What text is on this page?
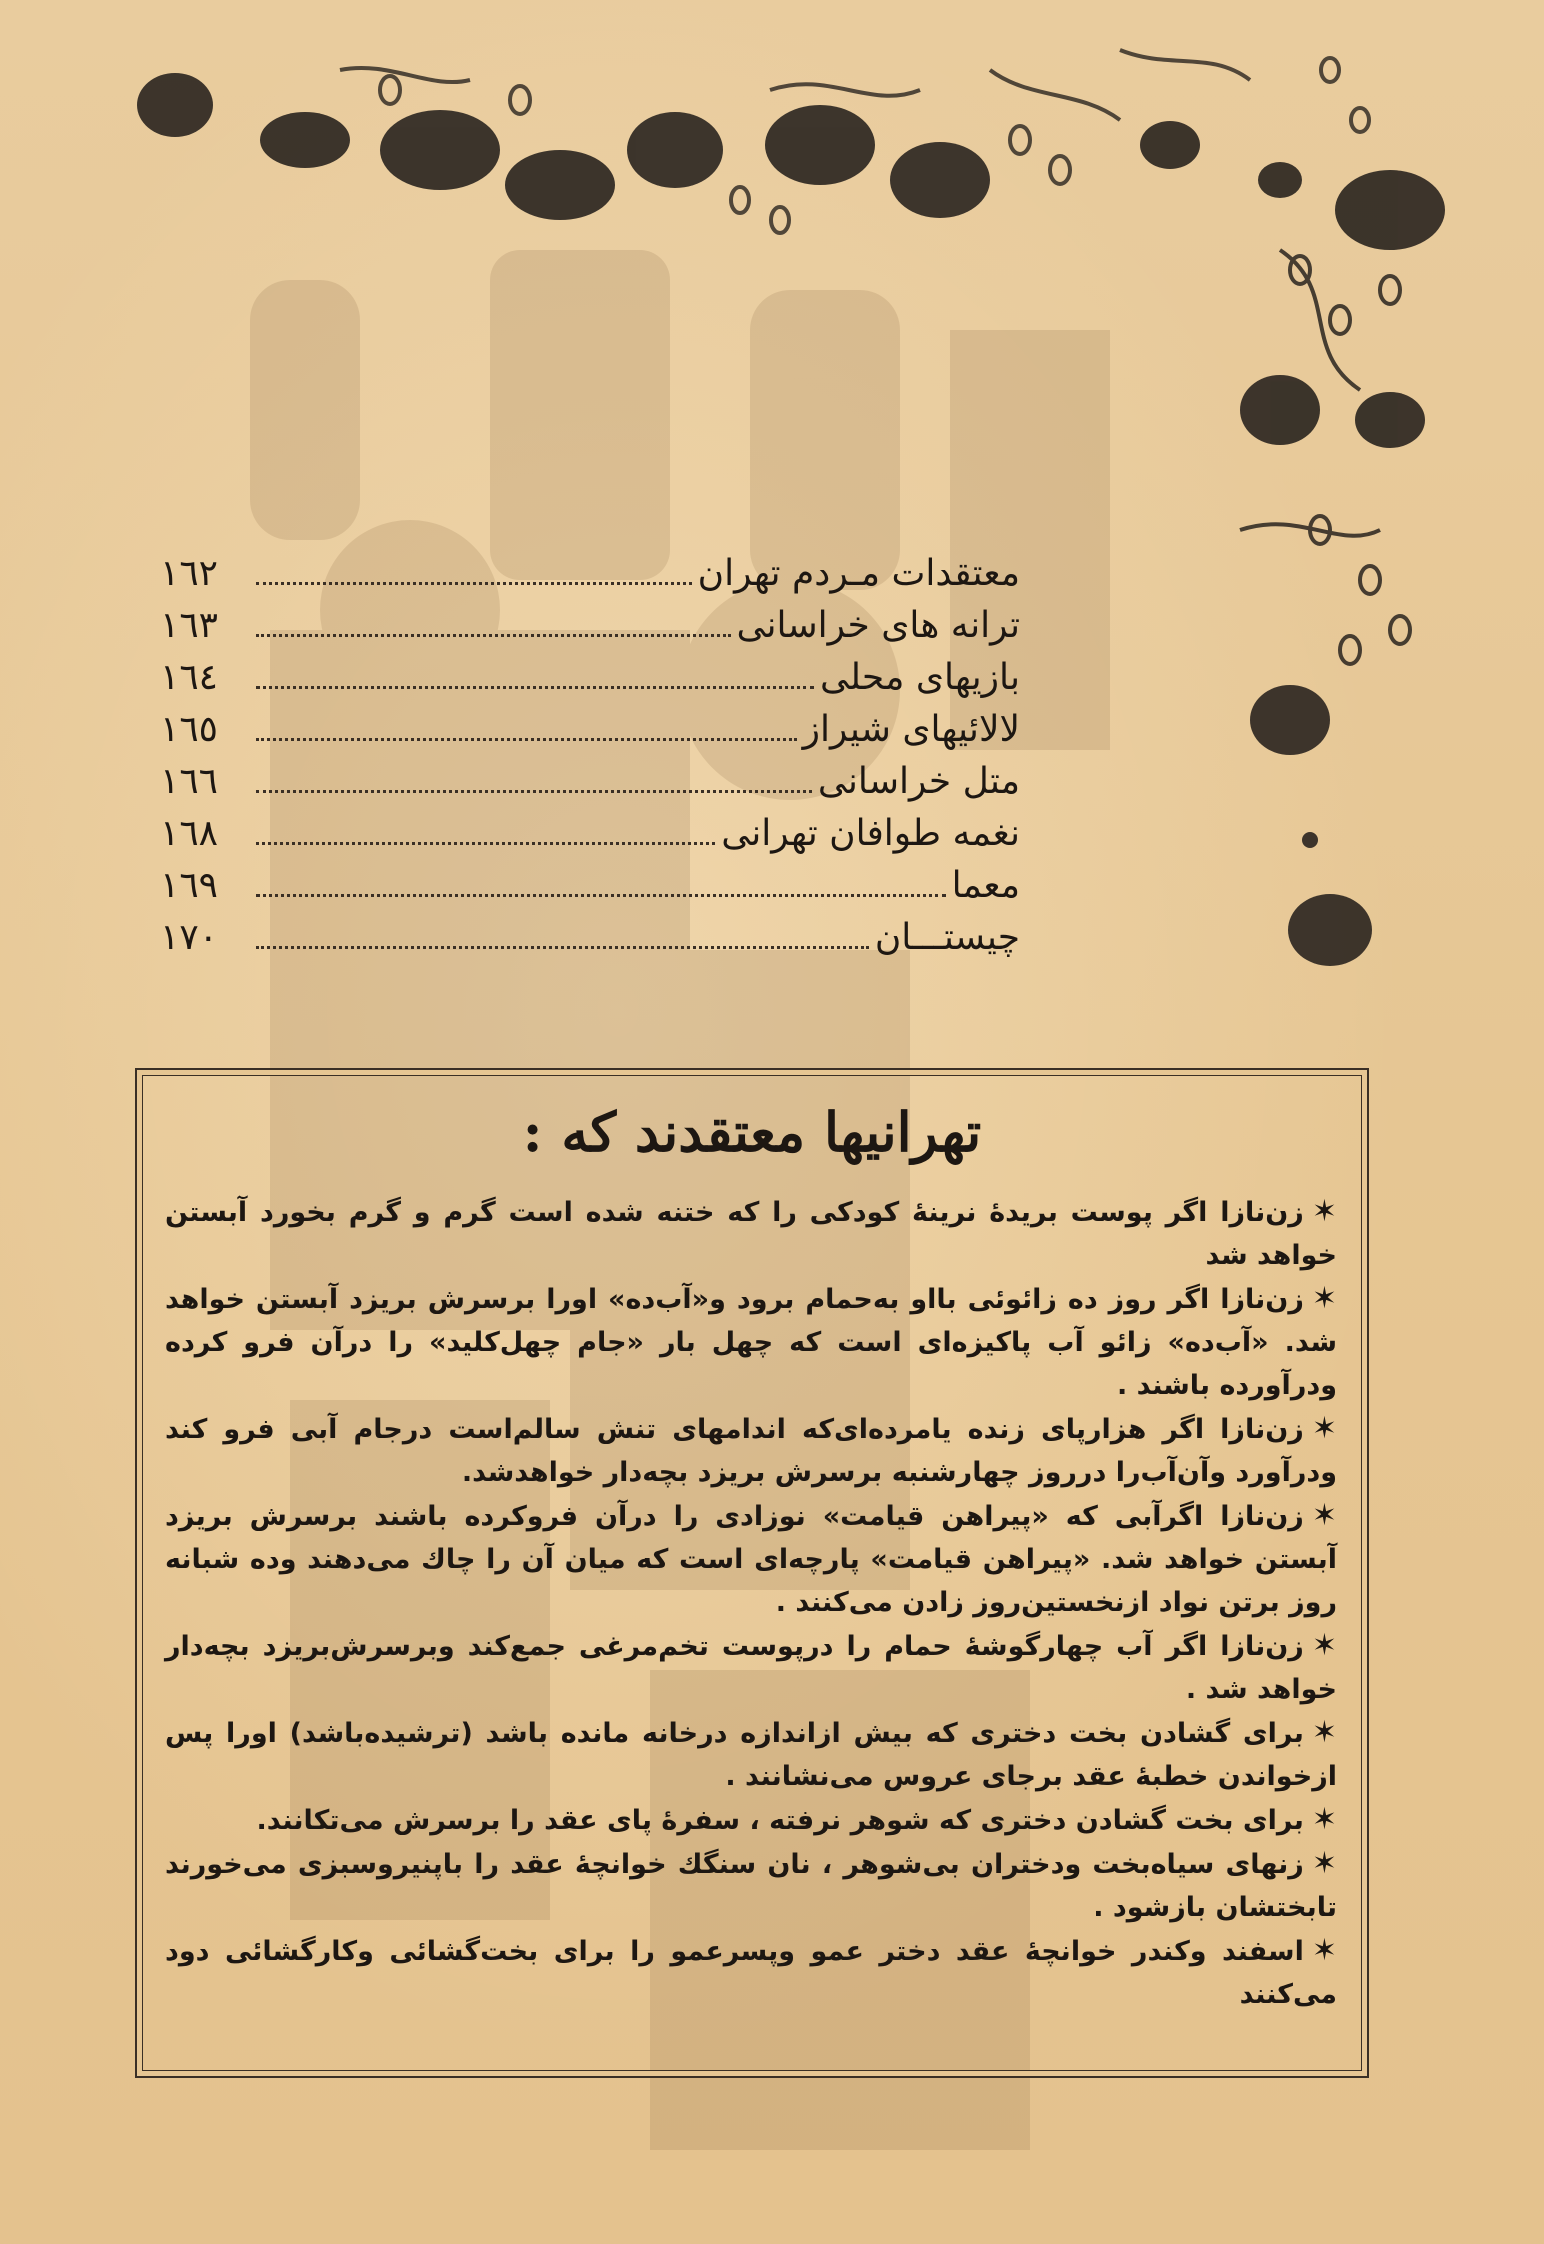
معتقدات مـردم تهران
١٦٢
ترانه های خراسانی
١٦٣
بازیهای محلی
١٦٤
لالائیهای شیراز
١٦٥
متل خراسانی
١٦٦
نغمه طوافان تهرانی
١٦٨
معما
١٦٩
چیستـــان
١٧٠
تهرانیها معتقدند که :

✶زن‌نازا اگر پوست بریدهٔ نرینهٔ کودکی را که ختنه شده است گرم و گرم بخورد آبستن خواهد شد

✶زن‌نازا اگر روز ده زائوئی بااو به‌حمام برود و«آب‌ده» اورا برسرش بریزد آبستن خواهد شد. «آب‌ده» زائو آب پاکیزه‌ای است که چهل بار «جام چهل‌کلید» را درآن فرو کرده ودرآورده باشند .

✶زن‌نازا اگر هزارپای زنده یامرده‌ای‌که اندامهای تنش سالم‌است درجام آبی فرو کند ودرآورد وآن‌آب‌را درروز چهارشنبه برسرش بریزد بچه‌دار خواهدشد.

✶زن‌نازا اگرآبی که «پیراهن قیامت» نوزادی را درآن فروکرده باشند برسرش بریزد آبستن خواهد شد. «پیراهن قیامت» پارچه‌ای است که میان آن را چاك می‌دهند وده شبانه روز برتن نواد ازنخستین‌روز زادن می‌کنند .

✶زن‌نازا اگر آب چهارگوشهٔ حمام را درپوست تخم‌مرغی جمع‌کند وبرسرش‌بریزد بچه‌دار خواهد شد .

✶برای گشادن بخت دختری که بیش ازاندازه درخانه مانده باشد (ترشیده‌باشد) اورا پس ازخواندن خطبهٔ عقد برجای عروس می‌نشانند .

✶برای بخت گشادن دختری که شوهر نرفته ، سفرهٔ پای عقد را برسرش می‌تکانند.

✶زنهای سیاه‌بخت ودختران بی‌شوهر ، نان سنگك خوانچهٔ عقد را باپنیروسبزی می‌خورند تابختشان بازشود .

✶اسفند وکندر خوانچهٔ عقد دختر عمو وپسرعمو را برای بخت‌گشائی وکارگشائی دود می‌کنند
